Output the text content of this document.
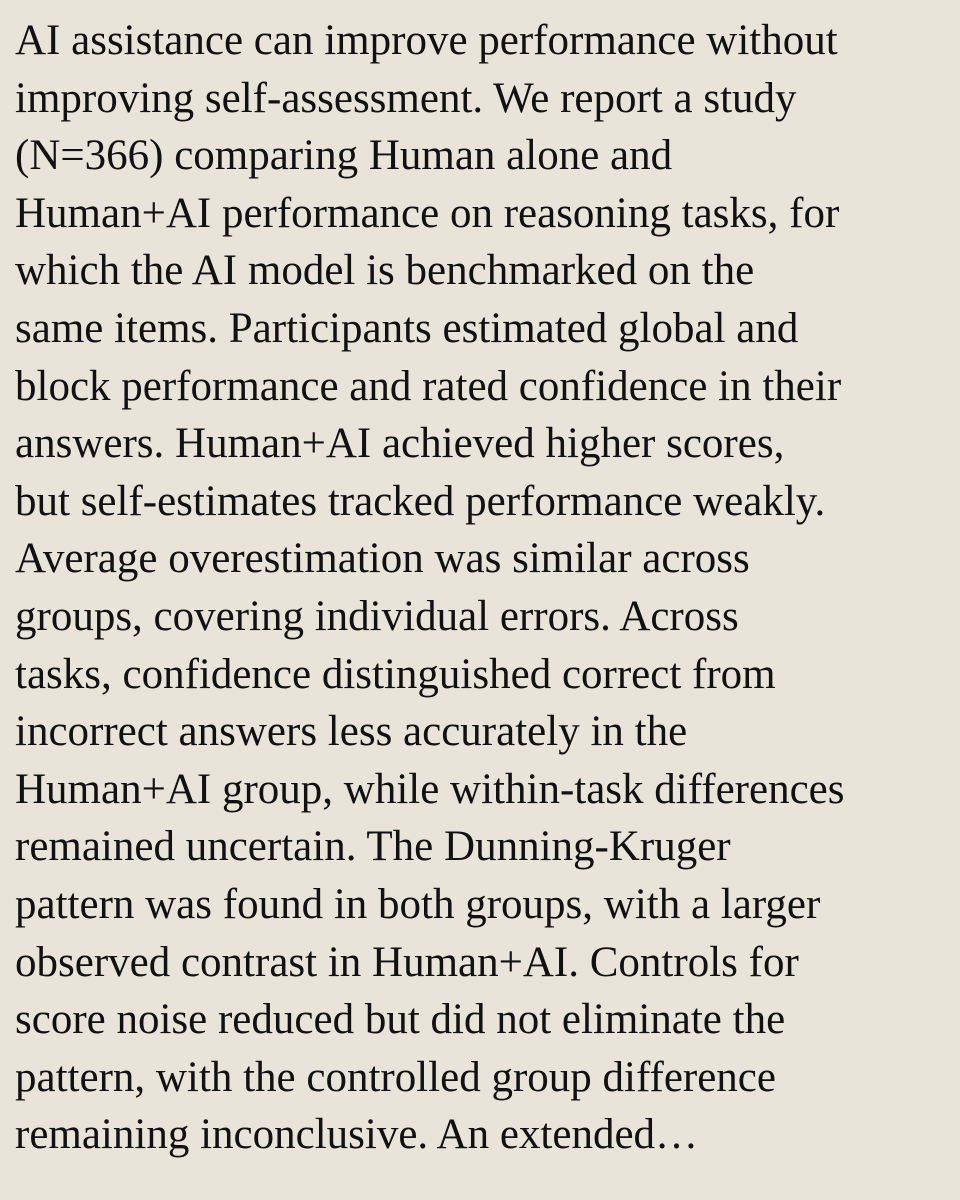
AI assistance can improve performance without
improving self-assessment. We report a study
(N=366) comparing Human alone and
Human+AI performance on reasoning tasks, for
which the AI model is benchmarked on the
same items. Participants estimated global and
block performance and rated confidence in their
answers. Human+AI achieved higher scores,
but self-estimates tracked performance weakly.
Average overestimation was similar across
groups, covering individual errors. Across
tasks, confidence distinguished correct from
incorrect answers less accurately in the
Human+AI group, while within-task differences
remained uncertain. The Dunning-Kruger
pattern was found in both groups, with a larger
observed contrast in Human+AI. Controls for
score noise reduced but did not eliminate the
pattern, with the controlled group difference
remaining inconclusive. An extended…
